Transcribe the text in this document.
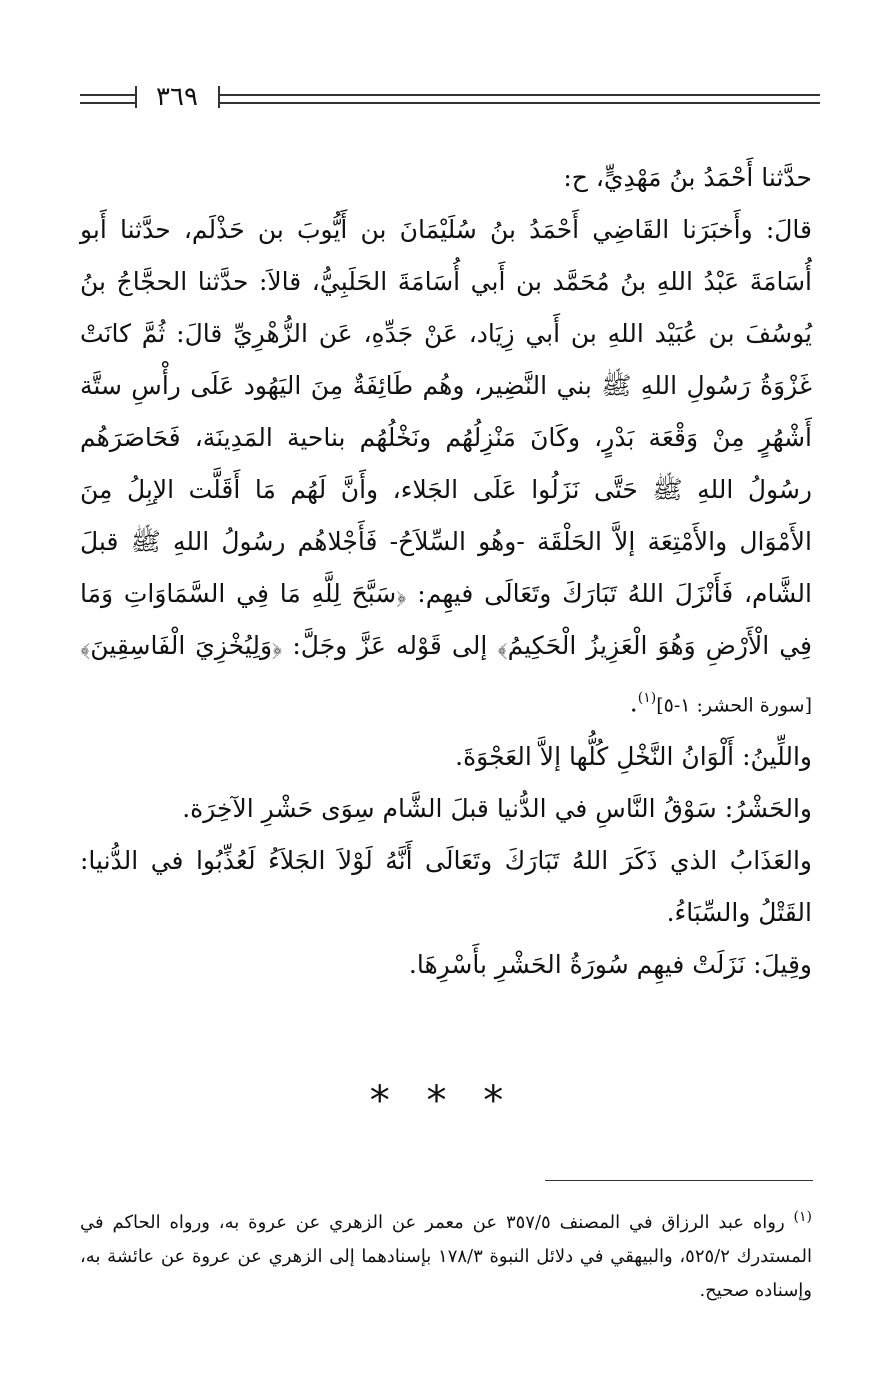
٣٦٩

حدَّثنا أَحْمَدُ بنُ مَهْدِيٍّ، ح:

قالَ: وأَخبَرَنا القَاضِي أَحْمَدُ بنُ سُلَيْمَانَ بن أَيُّوبَ بن حَذْلَم، حدَّثنا أَبو أُسَامَةَ عَبْدُ اللهِ بنُ مُحَمَّد بن أَبي أُسَامَةَ الحَلَبِيُّ، قالاَ: حدَّثنا الحجَّاجُ بنُ يُوسُفَ بن عُبَيْد اللهِ بن أَبي زِيَاد، عَنْ جَدِّهِ، عَن الزُّهْرِيِّ قالَ: ثُمَّ كانَتْ غَزْوَةُ رَسُولِ اللهِ ﷺ بني النَّضِير، وهُم طَائِفَةٌ مِنَ اليَهُود عَلَى رأْسِ ستَّة أَشْهُرٍ مِنْ وَقْعَة بَدْرٍ، وكَانَ مَنْزِلُهُم ونَخْلُهُم بناحية المَدِينَة، فَحَاصَرَهُم رسُولُ اللهِ ﷺ حَتَّى نَزَلُوا عَلَى الجَلاء، وأَنَّ لَهُم مَا أَقَلَّت الإبِلُ مِنَ الأَمْوَال والأَمْتِعَة إلاَّ الحَلْقَة -وهُو السِّلاَحُ- فَأَجْلاهُم رسُولُ اللهِ ﷺ قبلَ الشَّام، فَأَنْزَلَ اللهُ تَبَارَكَ وتَعَالَى فيهِم: ﴿سَبَّحَ لِلَّهِ مَا فِي السَّمَاوَاتِ وَمَا فِي الْأَرْضِ وَهُوَ الْعَزِيزُ الْحَكِيمُ﴾ إلى قَوْله عَزَّ وجَلَّ: ﴿وَلِيُخْزِيَ الْفَاسِقِينَ﴾ [سورة الحشر: ١-٥]$^{(١)}$.

واللِّينُ: أَلْوَانُ النَّخْلِ كُلُّها إلاَّ العَجْوَةَ.

والحَشْرُ: سَوْقُ النَّاسِ في الدُّنيا قبلَ الشَّام سِوَى حَشْرِ الآخِرَة.

والعَذَابُ الذي ذَكَرَ اللهُ تَبَارَكَ وتَعَالَى أَنَّهُ لَوْلاَ الجَلاَءُ لَعُذِّبُوا في الدُّنيا: القَتْلُ والسِّبَاءُ.

وقِيلَ: نَزَلَتْ فيهِم سُورَةُ الحَشْرِ بأَسْرِهَا.

* * *

$^{(١)}$ رواه عبد الرزاق في المصنف ٣٥٧/٥ عن معمر عن الزهري عن عروة به، ورواه الحاكم في المستدرك ٥٢٥/٢، والبيهقي في دلائل النبوة ١٧٨/٣ بإسنادهما إلى الزهري عن عروة عن عائشة به، وإسناده صحيح.
